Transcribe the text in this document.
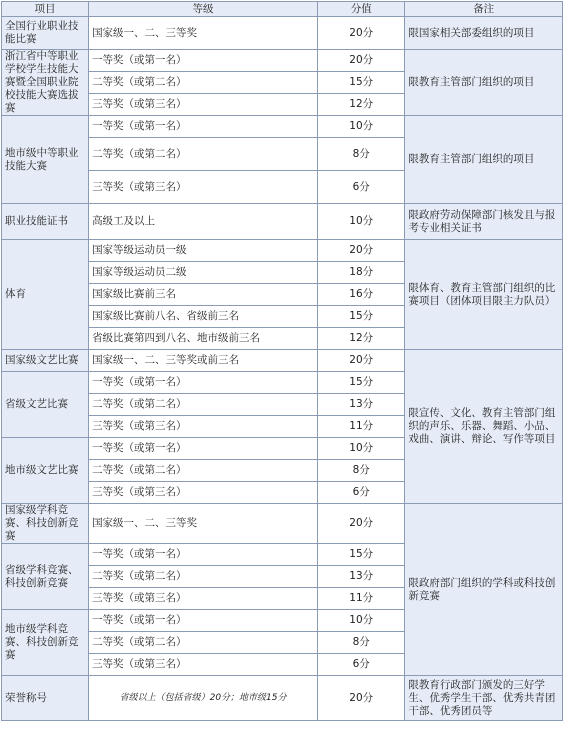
项目	等级	分值	备注
全国行业职业技能比赛	国家级一、二、三等奖	20分	限国家相关部委组织的项目
浙江省中等职业学校学生技能大赛暨全国职业院校技能大赛选拔赛	一等奖（或第一名）	20分	限教育主管部门组织的项目
	二等奖（或第二名）	15分	
	三等奖（或第三名）	12分	
地市级中等职业技能大赛	一等奖（或第一名）	10分	限教育主管部门组织的项目
	二等奖（或第二名）	8分	
	三等奖（或第三名）	6分	
职业技能证书	高级工及以上	10分	限政府劳动保障部门核发且与报考专业相关证书
体育	国家等级运动员一级	20分	限体育、教育主管部门组织的比赛项目（团体项目限主力队员）
	国家等级运动员二级	18分	
	国家级比赛前三名	16分	
	国家级比赛前八名、省级前三名	15分	
	省级比赛第四到八名、地市级前三名	12分	
国家级文艺比赛	国家级一、二、三等奖或前三名	20分	限宣传、文化、教育主管部门组织的声乐、乐器、舞蹈、小品、戏曲、演讲、辩论、写作等项目
省级文艺比赛	一等奖（或第一名）	15分	
	二等奖（或第二名）	13分	
	三等奖（或第三名）	11分	
地市级文艺比赛	一等奖（或第一名）	10分	
	二等奖（或第二名）	8分	
	三等奖（或第三名）	6分	
国家级学科竞赛、科技创新竞赛	国家级一、二、三等奖	20分	限政府部门组织的学科或科技创新竞赛
省级学科竞赛、科技创新竞赛	一等奖（或第一名）	15分	
	二等奖（或第二名）	13分	
	三等奖（或第三名）	11分	
地市级学科竞赛、科技创新竞赛	一等奖（或第一名）	10分	
	二等奖（或第二名）	8分	
	三等奖（或第三名）	6分	
荣誉称号	省级以上（包括省级）20分；地市级15分	20分	限教育行政部门颁发的三好学生、优秀学生干部、优秀共青团干部、优秀团员等
